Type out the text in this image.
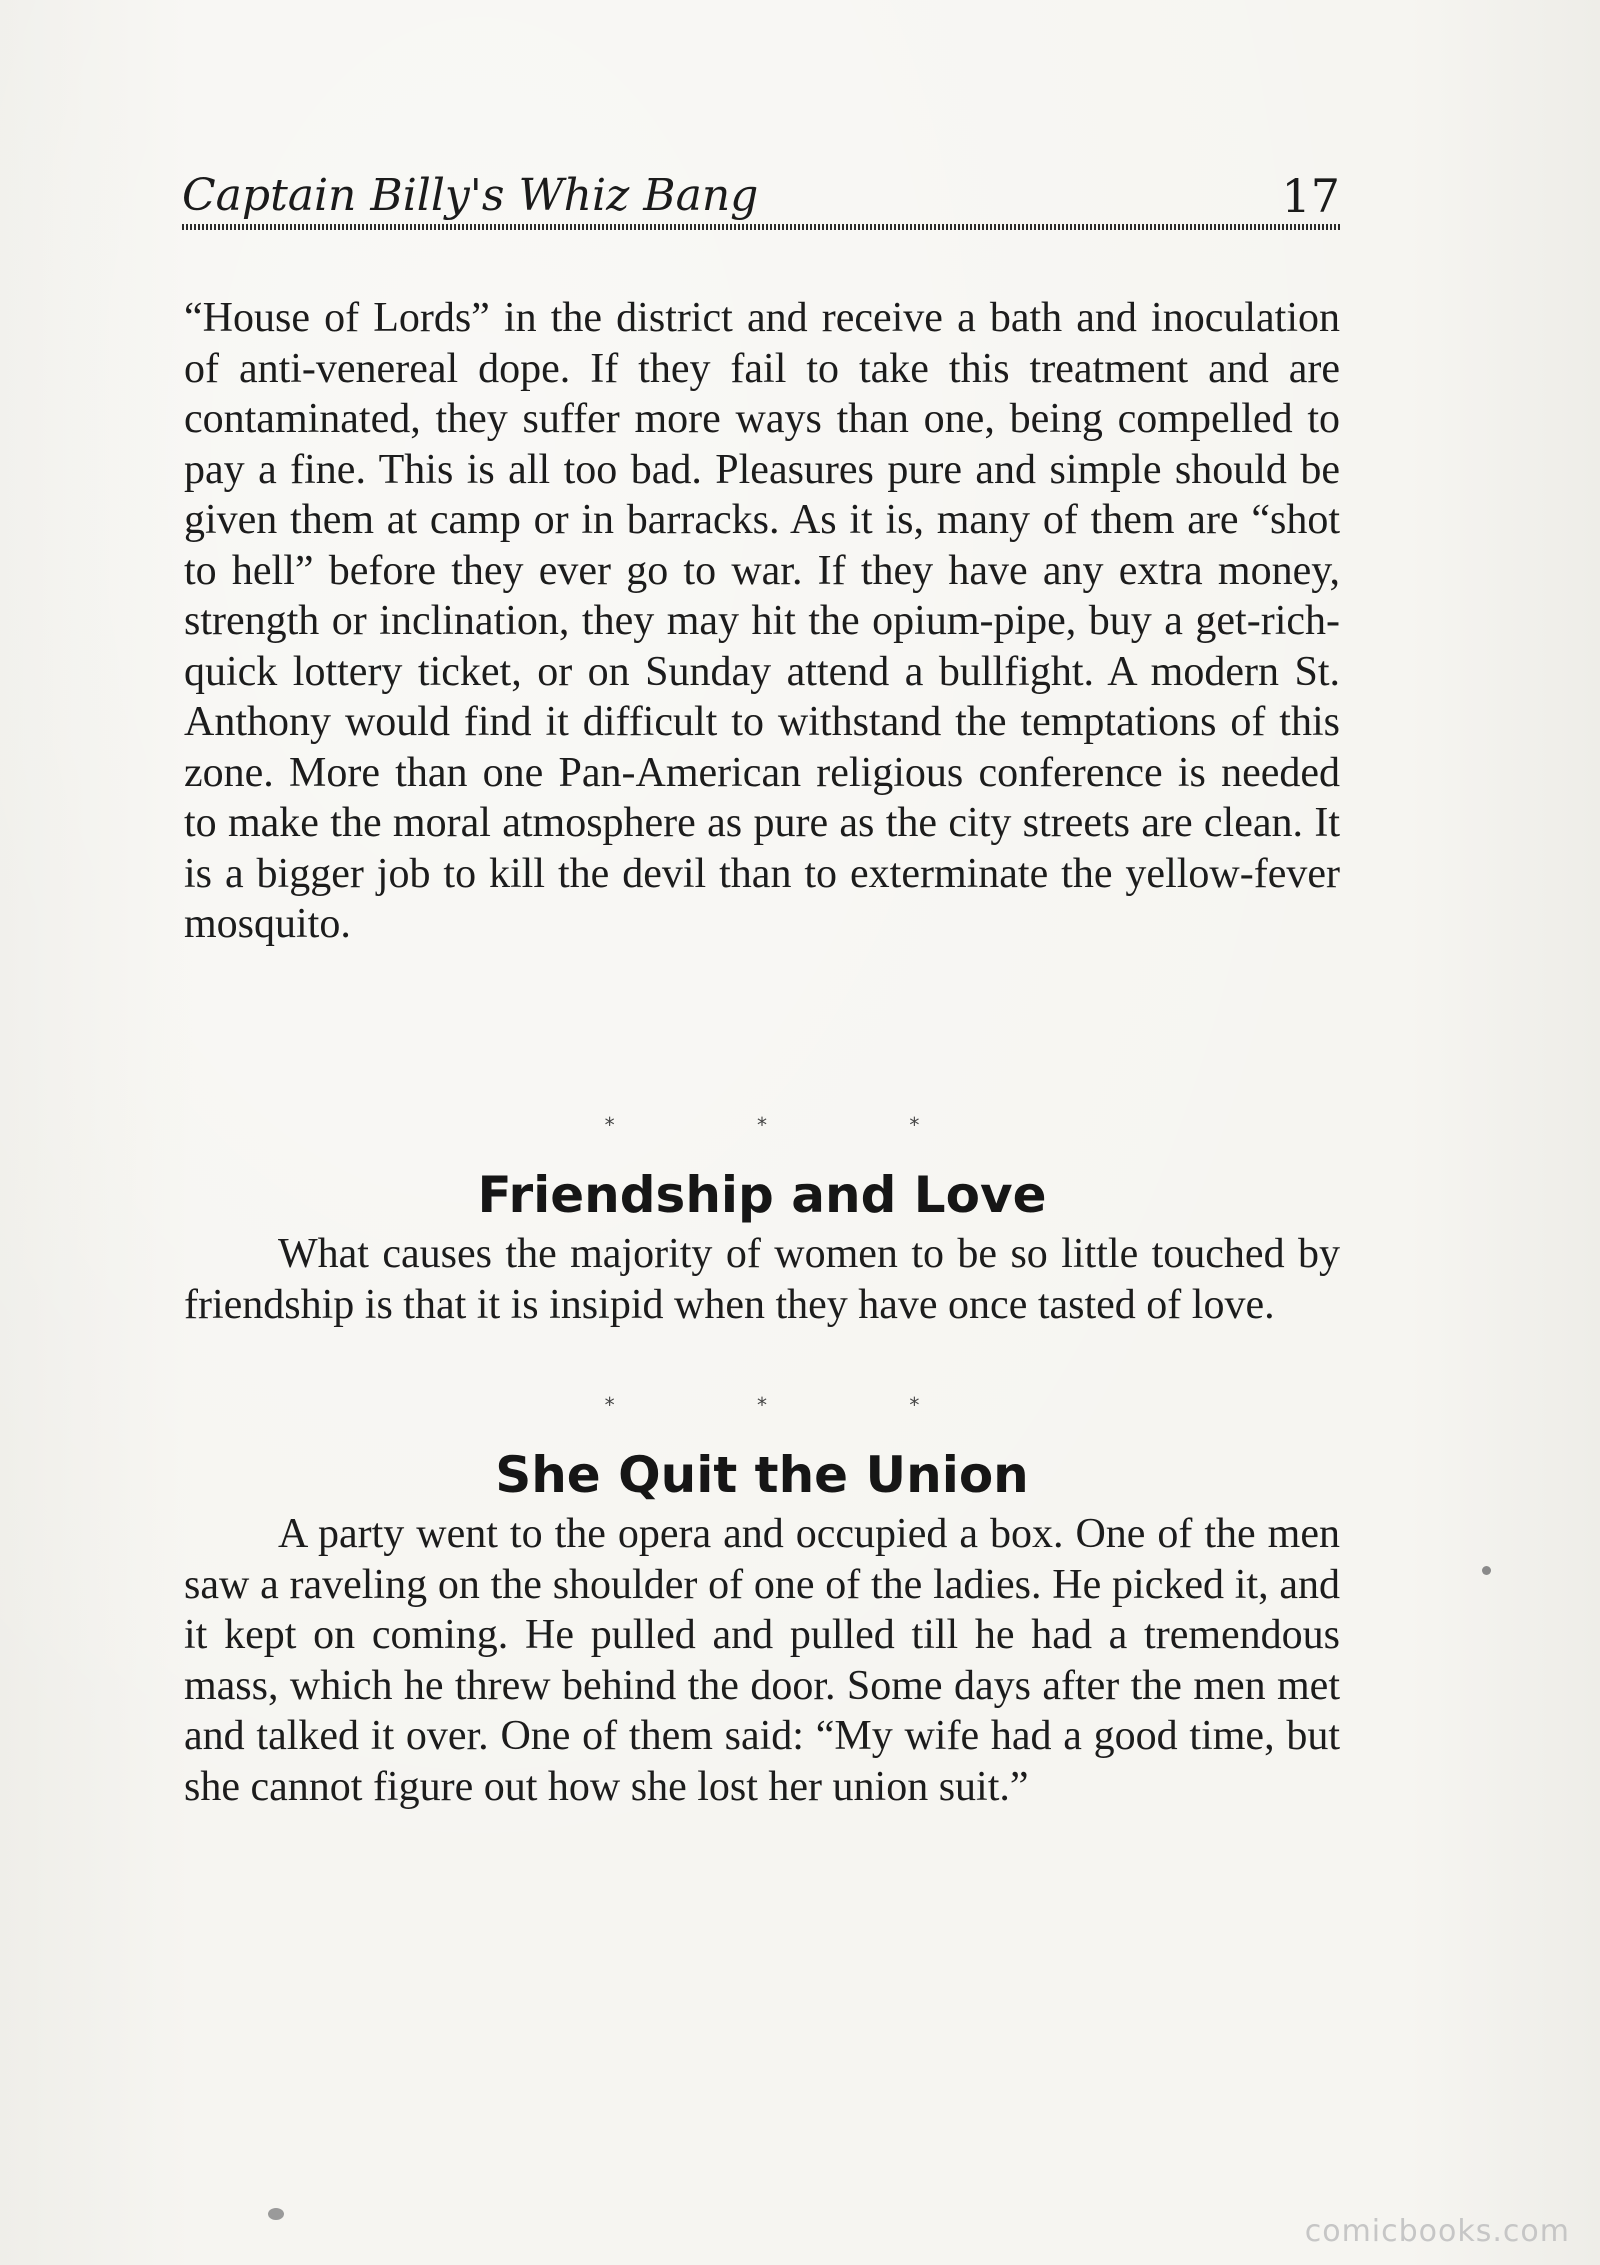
Captain Billy's Whiz Bang	17

“House of Lords” in the district and receive a bath and inoculation of anti-venereal dope. If they fail to take this treatment and are contaminated, they suffer more ways than one, being compelled to pay a fine. This is all too bad. Pleasures pure and simple should be given them at camp or in barracks. As it is, many of them are “shot to hell” before they ever go to war. If they have any extra money, strength or inclination, they may hit the opium-pipe, buy a get-rich-quick lottery ticket, or on Sunday attend a bullfight. A modern St. Anthony would find it difficult to withstand the temptations of this zone. More than one Pan-American religious conference is needed to make the moral atmosphere as pure as the city streets are clean. It is a bigger job to kill the devil than to exterminate the yellow-fever mosquito.

* * *
Friendship and Love

What causes the majority of women to be so little touched by friendship is that it is insipid when they have once tasted of love.

* * *
She Quit the Union

A party went to the opera and occupied a box. One of the men saw a raveling on the shoulder of one of the ladies. He picked it, and it kept on coming. He pulled and pulled till he had a tremendous mass, which he threw behind the door. Some days after the men met and talked it over. One of them said: “My wife had a good time, but she cannot figure out how she lost her union suit.”

comicbooks.com
